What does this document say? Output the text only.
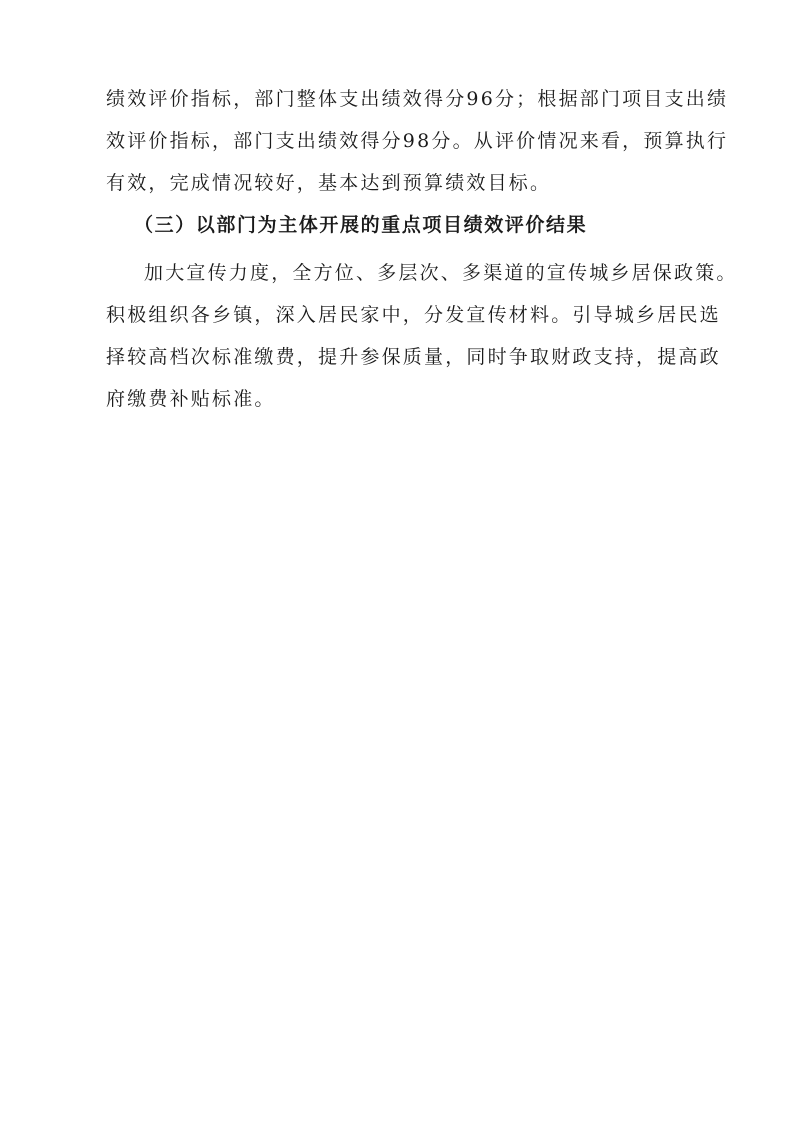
绩效评价指标，部门整体支出绩效得分96分；根据部门项目支出绩
效评价指标，部门支出绩效得分98分。从评价情况来看，预算执行
有效，完成情况较好，基本达到预算绩效目标。
（三）以部门为主体开展的重点项目绩效评价结果
加大宣传力度，全方位、多层次、多渠道的宣传城乡居保政策。
积极组织各乡镇，深入居民家中，分发宣传材料。引导城乡居民选
择较高档次标准缴费，提升参保质量，同时争取财政支持，提高政
府缴费补贴标准。
